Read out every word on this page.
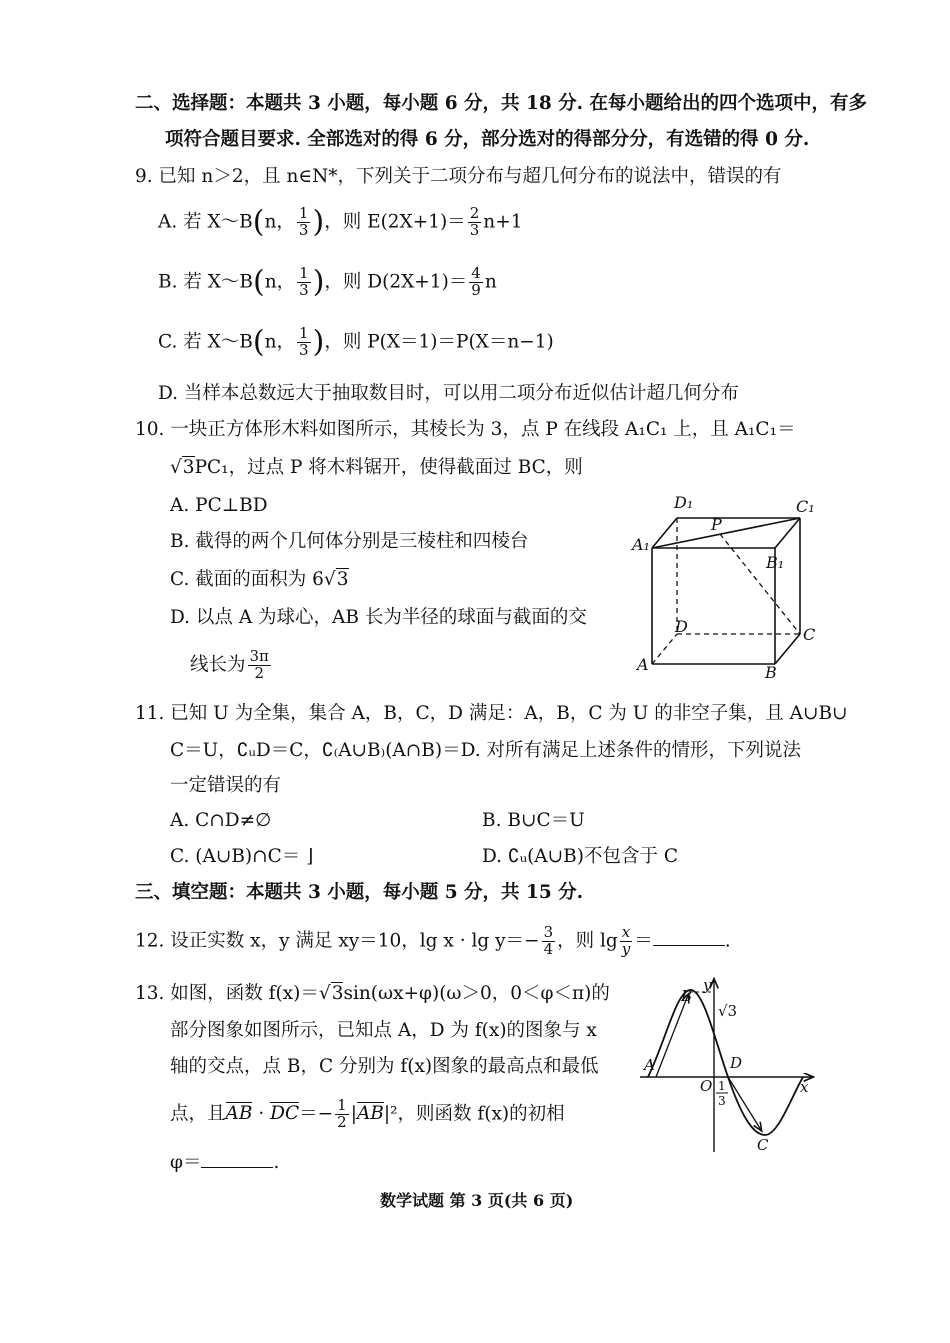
二、选择题：本题共 3 小题，每小题 6 分，共 18 分. 在每小题给出的四个选项中，有多
项符合题目要求. 全部选对的得 6 分，部分选对的得部分分，有选错的得 0 分.
9. 已知 n＞2，且 n∈N*，下列关于二项分布与超几何分布的说法中，错误的有
A. 若 X～B(n， $\frac{1}{3}$ )，则 $E(2X+1)= \frac{2}{3} n+1$
B. 若 X～B(n， $\frac{1}{3}$ )，则 $D(2X+1)= \frac{4}{9}$ n
C. 若 X～B(n， $\frac{1}{3}$ )，则 P(X＝1)＝P(X＝n−1)
D. 当样本总数远大于抽取数目时，可以用二项分布近似估计超几何分布
10. 一块正方体形木料如图所示，其棱长为 3，点 P 在线段 A₁C₁ 上，且 A₁C₁＝
√3PC₁，过点 P 将木料锯开，使得截面过 BC，则
A. PC⊥BD
B. 截得的两个几何体分别是三棱柱和四棱台
C. 截面的面积为 6√3
D. 以点 A 为球心，AB 长为半径的球面与截面的交
线长为 $\frac{3\pi}{2}$
D₁	C₁
A₁
P
B₁
D	C
A	B
11. 已知 U 为全集，集合 A，B，C，D 满足：A，B，C 为 U 的非空子集，且 A∪B∪
C＝U，∁ᵤD＝C，∁₍A∪B₎(A∩B)＝D. 对所有满足上述条件的情形，下列说法
一定错误的有
A. C∩D≠∅	B. B∪C＝U
C. (A∪B)∩C＝ ⌋	D. ∁ᵤ(A∪B)不包含于 C
三、填空题：本题共 3 小题，每小题 5 分，共 15 分.
12. 设正实数 x，y 满足 xy＝10，$\lg x \cdot \lg y=- \frac{3}{4}$ ，则 $\lg \frac{x}{y}$ ＝	.
13. 如图，函数 f(x)＝√3sin(ωx+φ)(ω＞0，0＜φ＜π)的
部分图象如图所示，已知点 A，D 为 f(x)的图象与 x
轴的交点，点 B，C 分别为 f(x)图象的最高点和最低
点，且AB · $DC=- \frac{1}{2} |AB|^2$，则函数 f(x)的初相
φ＝	.
y
x
B
√3
A	D
O 1
3
C
数学试题 第 3 页(共 6 页)
